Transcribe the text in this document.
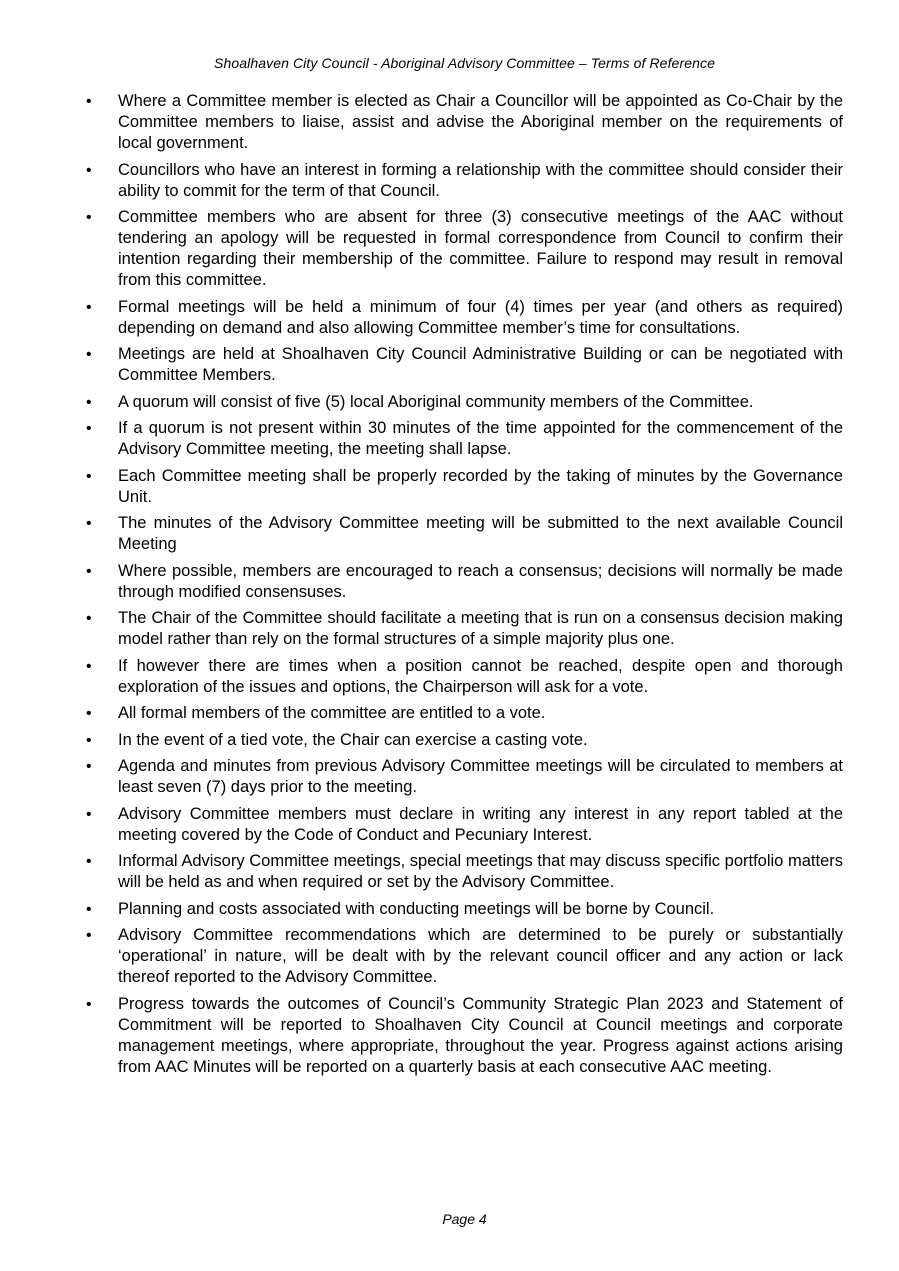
Shoalhaven City Council - Aboriginal Advisory Committee – Terms of Reference
• Where a Committee member is elected as Chair a Councillor will be appointed as Co-Chair by the Committee members to liaise, assist and advise the Aboriginal member on the requirements of local government.
• Councillors who have an interest in forming a relationship with the committee should consider their ability to commit for the term of that Council.
• Committee members who are absent for three (3) consecutive meetings of the AAC without tendering an apology will be requested in formal correspondence from Council to confirm their intention regarding their membership of the committee. Failure to respond may result in removal from this committee.
• Formal meetings will be held a minimum of four (4) times per year (and others as required) depending on demand and also allowing Committee member’s time for consultations.
• Meetings are held at Shoalhaven City Council Administrative Building or can be negotiated with Committee Members.
• A quorum will consist of five (5) local Aboriginal community members of the Committee.
• If a quorum is not present within 30 minutes of the time appointed for the commencement of the Advisory Committee meeting, the meeting shall lapse.
• Each Committee meeting shall be properly recorded by the taking of minutes by the Governance Unit.
• The minutes of the Advisory Committee meeting will be submitted to the next available Council Meeting
• Where possible, members are encouraged to reach a consensus; decisions will normally be made through modified consensuses.
• The Chair of the Committee should facilitate a meeting that is run on a consensus decision making model rather than rely on the formal structures of a simple majority plus one.
• If however there are times when a position cannot be reached, despite open and thorough exploration of the issues and options, the Chairperson will ask for a vote.
• All formal members of the committee are entitled to a vote.
• In the event of a tied vote, the Chair can exercise a casting vote.
• Agenda and minutes from previous Advisory Committee meetings will be circulated to members at least seven (7) days prior to the meeting.
• Advisory Committee members must declare in writing any interest in any report tabled at the meeting covered by the Code of Conduct and Pecuniary Interest.
• Informal Advisory Committee meetings, special meetings that may discuss specific portfolio matters will be held as and when required or set by the Advisory Committee.
• Planning and costs associated with conducting meetings will be borne by Council.
• Advisory Committee recommendations which are determined to be purely or substantially ‘operational’ in nature, will be dealt with by the relevant council officer and any action or lack thereof reported to the Advisory Committee.
• Progress towards the outcomes of Council’s Community Strategic Plan 2023 and Statement of Commitment will be reported to Shoalhaven City Council at Council meetings and corporate management meetings, where appropriate, throughout the year. Progress against actions arising from AAC Minutes will be reported on a quarterly basis at each consecutive AAC meeting.
Page 4
